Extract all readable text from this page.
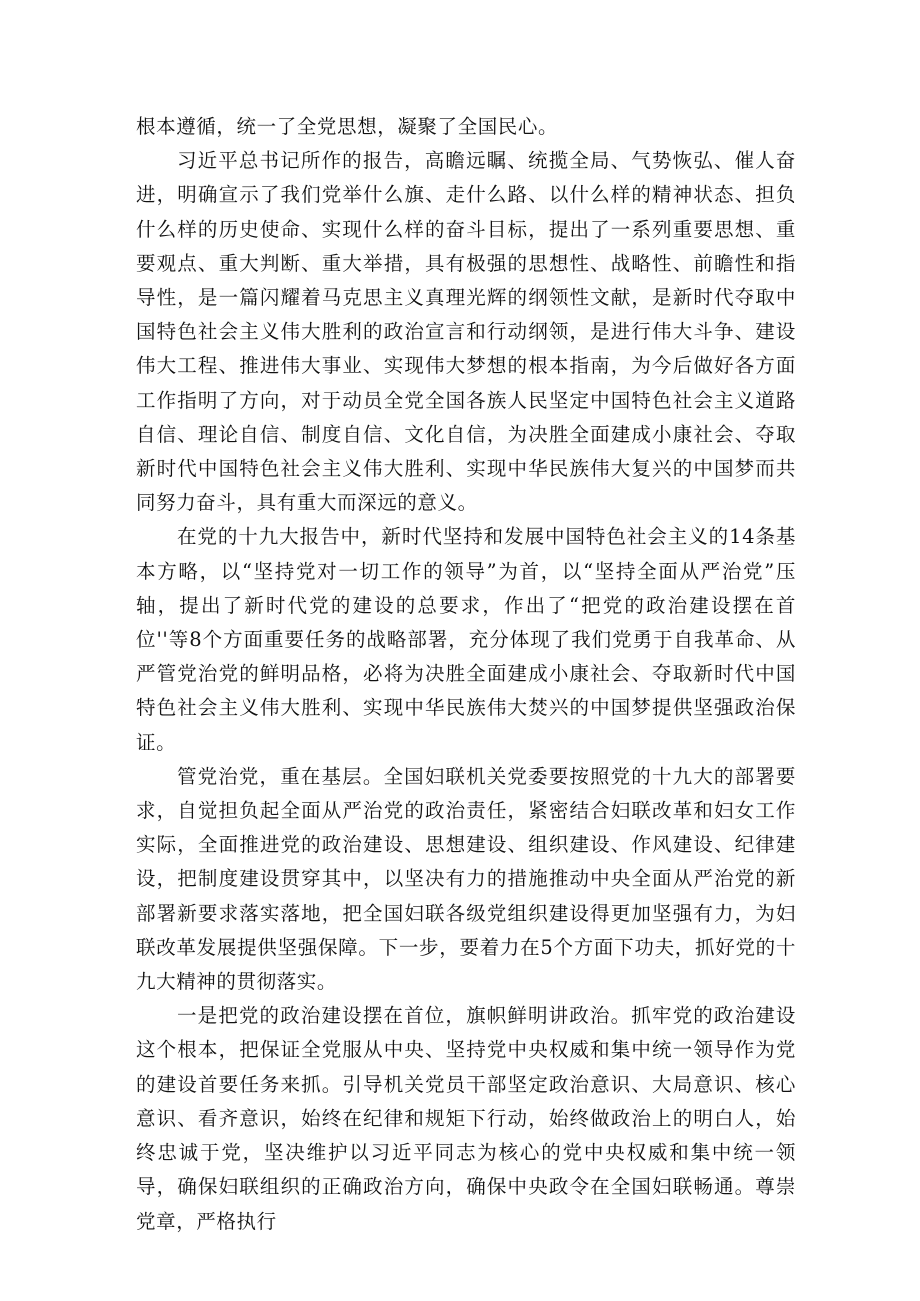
根本遵循，统一了全党思想，凝聚了全国民心。

习近平总书记所作的报告，高瞻远瞩、统揽全局、气势恢弘、催人奋进，明确宣示了我们党举什么旗、走什么路、以什么样的精神状态、担负什么样的历史使命、实现什么样的奋斗目标，提出了一系列重要思想、重要观点、重大判断、重大举措，具有极强的思想性、战略性、前瞻性和指导性，是一篇闪耀着马克思主义真理光辉的纲领性文献，是新时代夺取中国特色社会主义伟大胜利的政治宣言和行动纲领，是进行伟大斗争、建设伟大工程、推进伟大事业、实现伟大梦想的根本指南，为今后做好各方面工作指明了方向，对于动员全党全国各族人民坚定中国特色社会主义道路自信、理论自信、制度自信、文化自信，为决胜全面建成小康社会、夺取新时代中国特色社会主义伟大胜利、实现中华民族伟大复兴的中国梦而共同努力奋斗，具有重大而深远的意义。

在党的十九大报告中，新时代坚持和发展中国特色社会主义的14条基本方略，以“坚持党对一切工作的领导”为首，以“坚持全面从严治党”压轴，提出了新时代党的建设的总要求，作出了“把党的政治建设摆在首位''等8个方面重要任务的战略部署，充分体现了我们党勇于自我革命、从严管党治党的鲜明品格，必将为决胜全面建成小康社会、夺取新时代中国特色社会主义伟大胜利、实现中华民族伟大焚兴的中国梦提供坚强政治保证。

管党治党，重在基层。全国妇联机关党委要按照党的十九大的部署要求，自觉担负起全面从严治党的政治责任，紧密结合妇联改革和妇女工作实际，全面推进党的政治建设、思想建设、组织建设、作风建设、纪律建设，把制度建设贯穿其中，以坚决有力的措施推动中央全面从严治党的新部署新要求落实落地，把全国妇联各级党组织建设得更加坚强有力，为妇联改革发展提供坚强保障。下一步，要着力在5个方面下功夫，抓好党的十九大精神的贯彻落实。

一是把党的政治建设摆在首位，旗帜鲜明讲政治。抓牢党的政治建设这个根本，把保证全党服从中央、坚持党中央权威和集中统一领导作为党的建设首要任务来抓。引导机关党员干部坚定政治意识、大局意识、核心意识、看齐意识，始终在纪律和规矩下行动，始终做政治上的明白人，始终忠诚于党，坚决维护以习近平同志为核心的党中央权威和集中统一领导，确保妇联组织的正确政治方向，确保中央政令在全国妇联畅通。尊崇党章，严格执行
